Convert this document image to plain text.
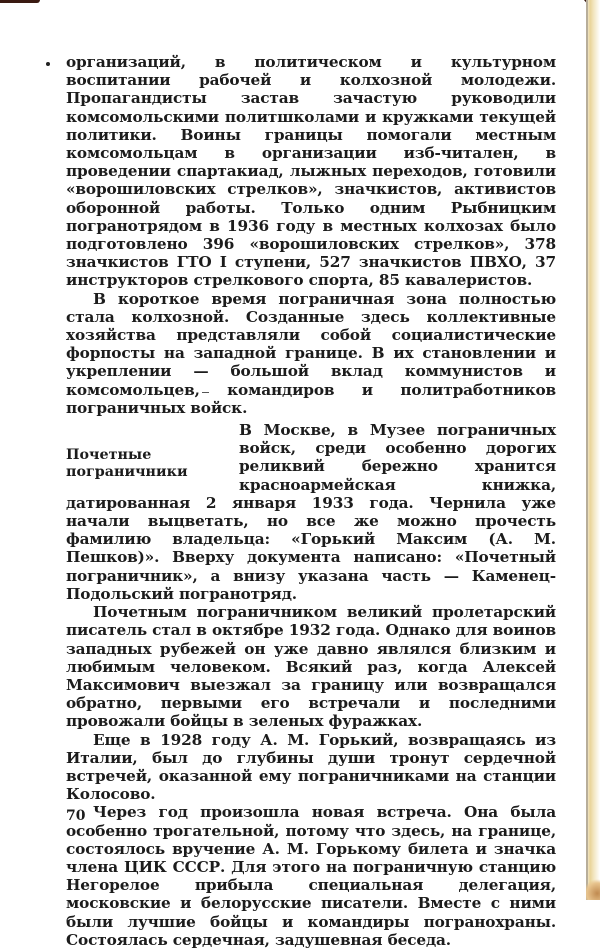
организаций, в политическом и культурном воспитании рабочей и колхозной молодежи. Пропагандисты застав зачастую руководили комсомольскими политшколами и кружками текущей политики. Воины границы помогали местным комсомольцам в организации изб-читален, в проведении спартакиад, лыжных переходов, готовили «ворошиловских стрелков», значкистов, активистов оборонной работы. Только одним Рыбницким погранотрядом в 1936 году в местных колхозах было подготовлено 396 «ворошиловских стрелков», 378 значкистов ГТО I ступени, 527 значкистов ПВХО, 37 инструкторов стрелкового спорта, 85 кавалеристов.

В короткое время пограничная зона полностью стала колхозной. Созданные здесь коллективные хозяйства представляли собой социалистические форпосты на западной границе. В их становлении и укреплении — большой вклад коммунистов и комсомольцев, командиров и политработников пограничных войск.

Почетные
пограничники

В Москве, в Музее пограничных войск, среди особенно дорогих реликвий бережно хранится красноармейская книжка, датированная 2 января 1933 года. Чернила уже начали выцветать, но все же можно прочесть фамилию владельца: «Горький Максим (А. М. Пешков)». Вверху документа написано: «Почетный пограничник», а внизу указана часть — Каменец-Подольский погранотряд.

Почетным пограничником великий пролетарский писатель стал в октябре 1932 года. Однако для воинов западных рубежей он уже давно являлся близким и любимым человеком. Всякий раз, когда Алексей Максимович выезжал за границу или возвращался обратно, первыми его встречали и последними провожали бойцы в зеленых фуражках.

Еще в 1928 году А. М. Горький, возвращаясь из Италии, был до глубины души тронут сердечной встречей, оказанной ему пограничниками на станции Колосово.

Через год произошла новая встреча. Она была особенно трогательной, потому что здесь, на границе, состоялось вручение А. М. Горькому билета и значка члена ЦИК СССР. Для этого на пограничную станцию Негорелое прибыла специальная делегация, московские и белорусские писатели. Вместе с ними были лучшие бойцы и командиры погранохраны. Состоялась сердечная, задушевная беседа.

70
